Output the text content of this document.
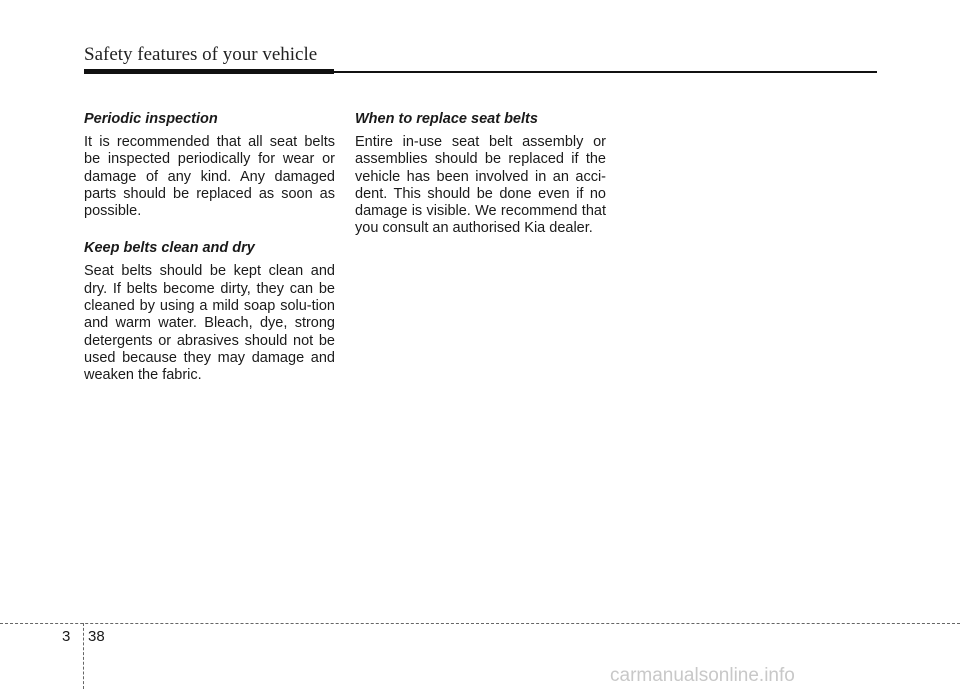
Safety features of your vehicle

Periodic inspection

It is recommended that all seat belts be inspected periodically for wear or damage of any kind. Any damaged parts should be replaced as soon as possible.

Keep belts clean and dry

Seat belts should be kept clean and dry. If belts become dirty, they can be cleaned by using a mild soap solu-tion and warm water. Bleach, dye, strong detergents or abrasives should not be used because they may damage and weaken the fabric.

When to replace seat belts

Entire in-use seat belt assembly or assemblies should be replaced if the vehicle has been involved in an acci-dent. This should be done even if no damage is visible. We recommend that you consult an authorised Kia dealer.

3 38
carmanualsonline.info
